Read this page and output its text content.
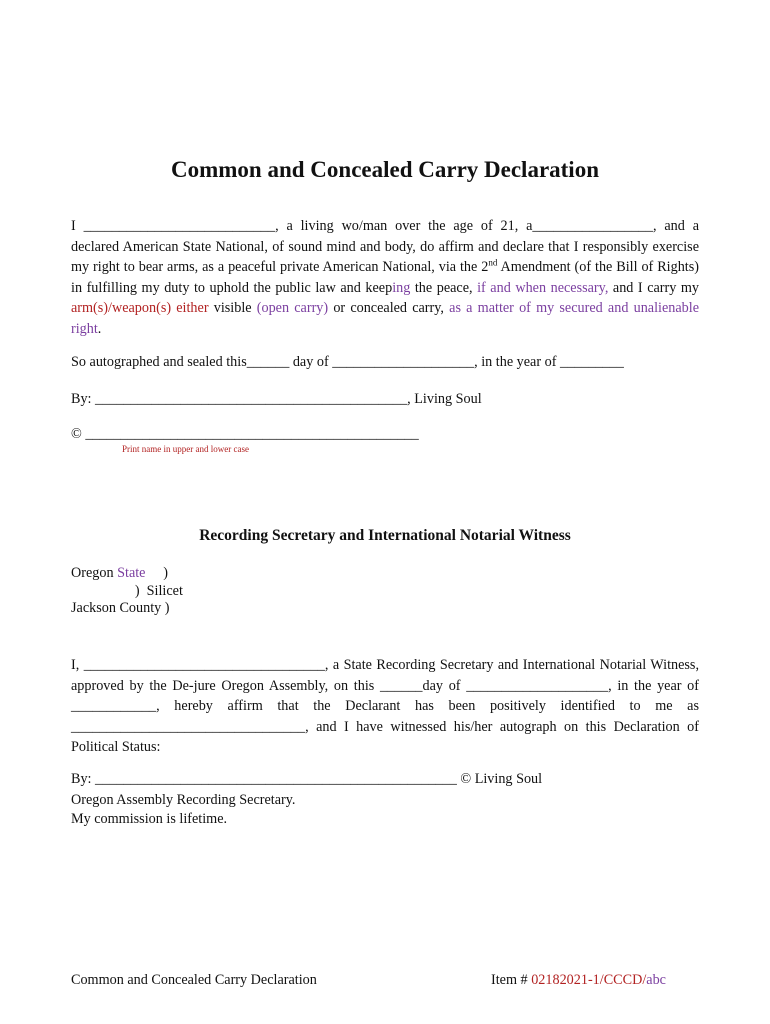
Common and Concealed Carry Declaration
I ___________________________, a living wo/man over the age of 21, a_________________, and a declared American State National, of sound mind and body, do affirm and declare that I responsibly exercise my right to bear arms, as a peaceful private American National, via the 2nd Amendment (of the Bill of Rights) in fulfilling my duty to uphold the public law and keeping the peace, if and when necessary, and I carry my arm(s)/weapon(s) either visible (open carry) or concealed carry, as a matter of my secured and unalienable right.
So autographed and sealed this______ day of ____________________, in the year of _________
By: ____________________________________________, Living Soul
© _______________________________________________
Print name in upper and lower case
Recording Secretary and International Notarial Witness
Oregon State     )
)  Silicet
Jackson County )
I, __________________________________, a State Recording Secretary and International Notarial Witness, approved by the De-jure Oregon Assembly, on this ______day of ____________________, in the year of ____________, hereby affirm that the Declarant has been positively identified to me as _________________________________, and I have witnessed his/her autograph on this Declaration of Political Status:
By: ___________________________________________________ © Living Soul
Oregon Assembly Recording Secretary.
My commission is lifetime.
Common and Concealed Carry Declaration	Item # 02182021-1/CCCD/abc
